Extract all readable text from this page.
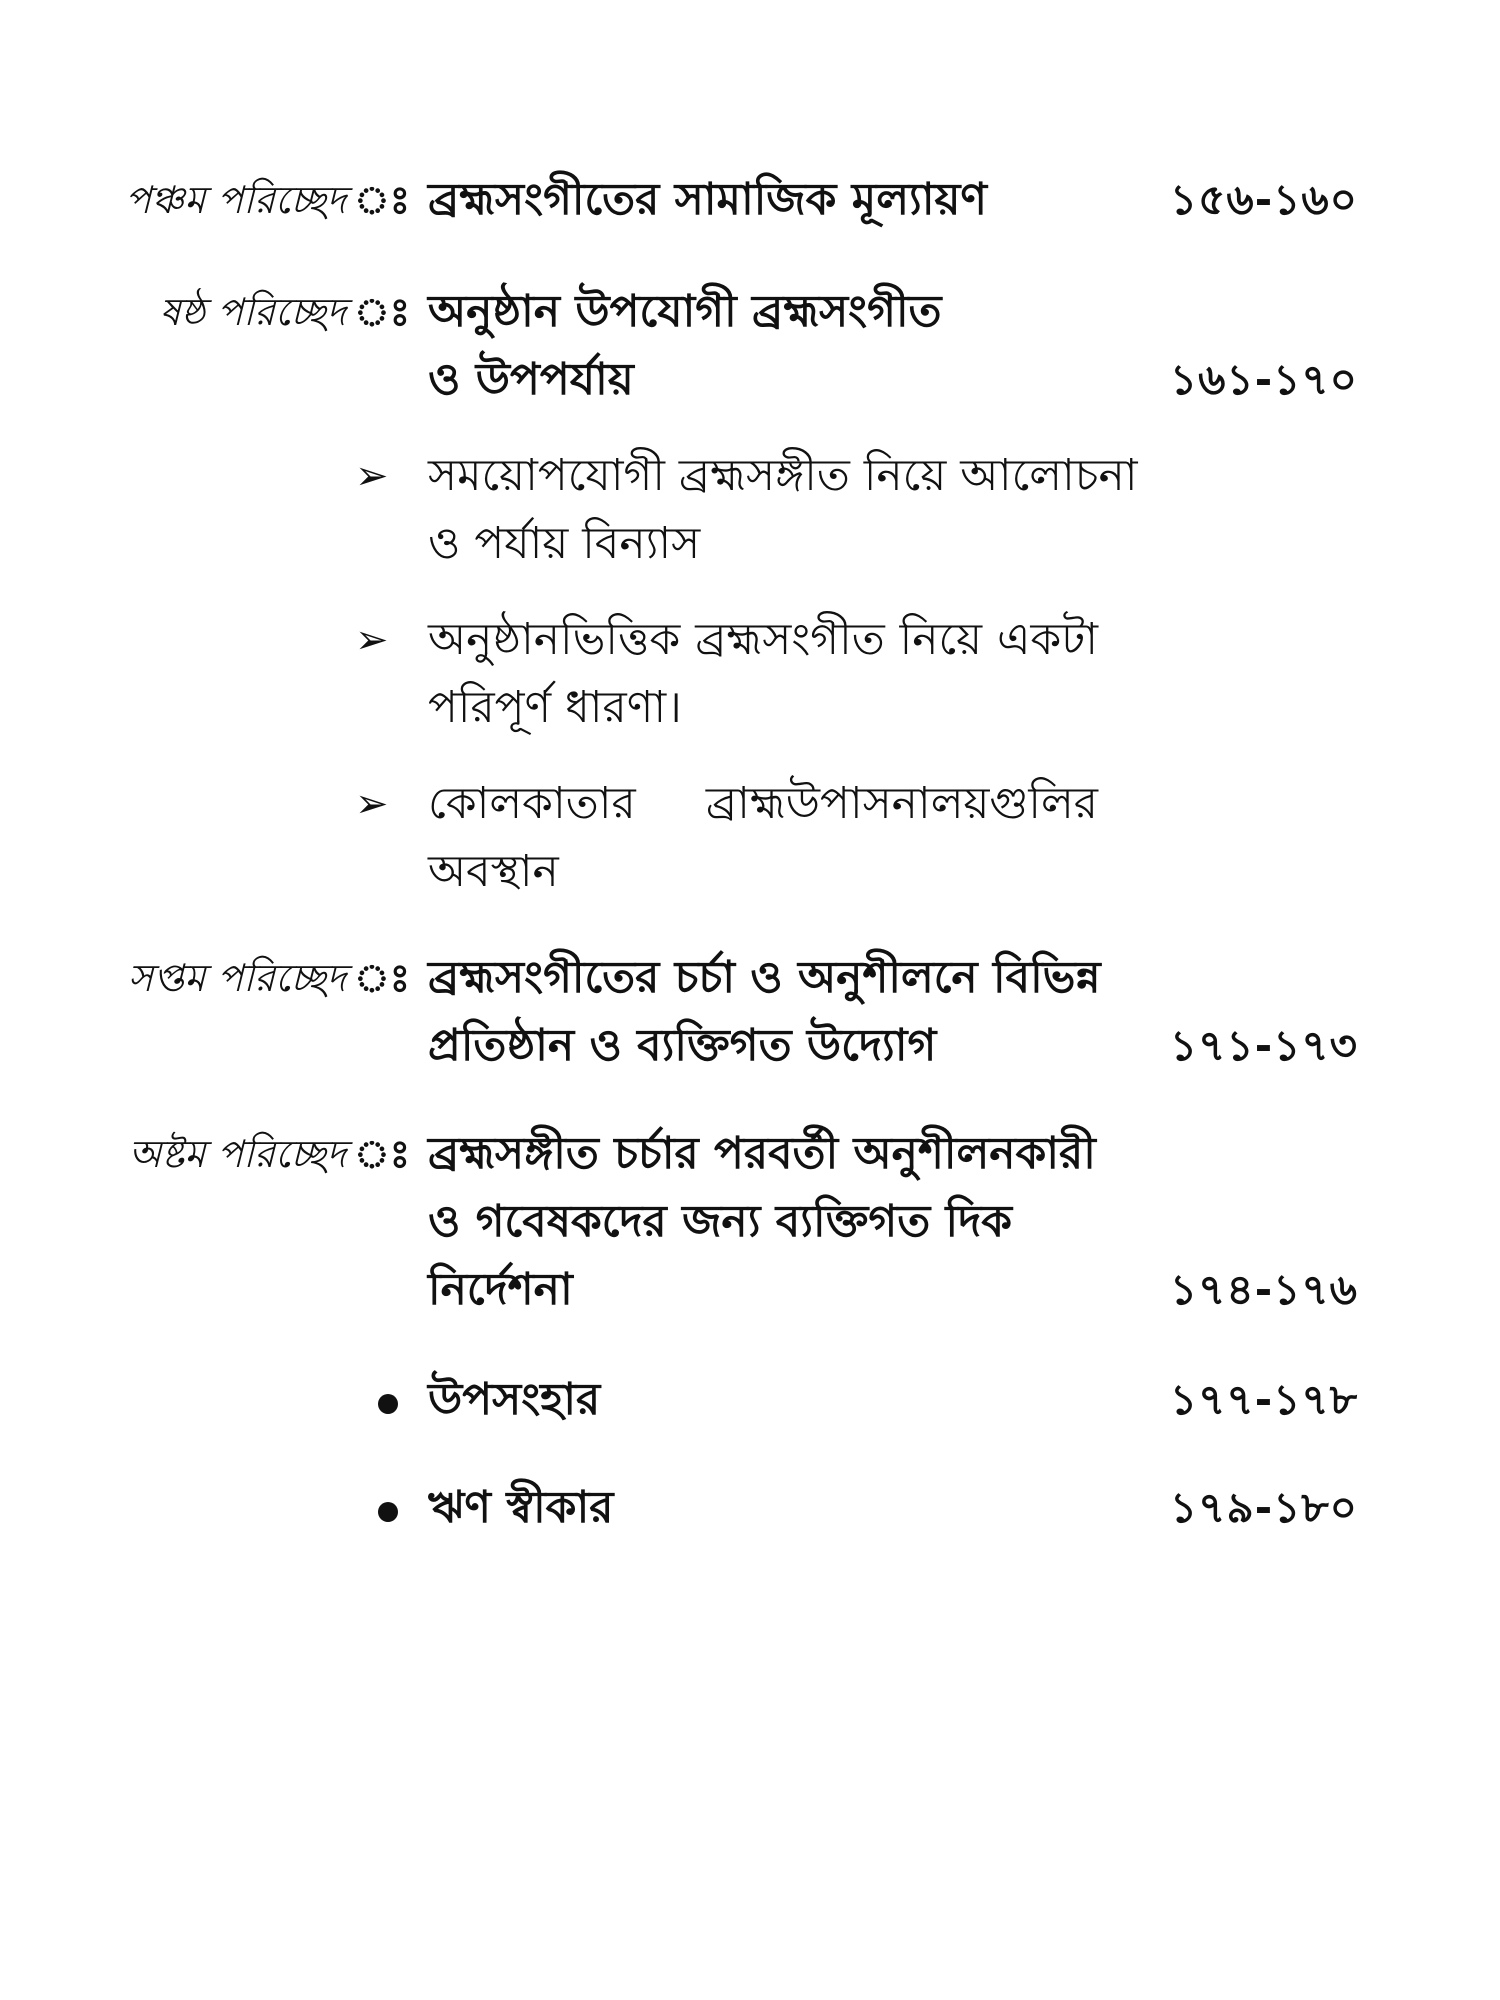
পঞ্চম পরিচ্ছেদ ঃ ব্রহ্মসংগীতের সামাজিক মূল্যায়ণ	১৫৬-১৬০
ষষ্ঠ পরিচ্ছেদ ঃ অনুষ্ঠান উপযোগী ব্রহ্মসংগীত
ও উপপর্যায়	১৬১-১৭০
➢ সময়োপযোগী ব্রহ্মসঙ্গীত নিয়ে আলোচনা
ও পর্যায় বিন্যাস
➢ অনুষ্ঠানভিত্তিক ব্রহ্মসংগীত নিয়ে একটা
পরিপূর্ণ ধারণা।
➢ কোলকাতার ব্রাহ্মউপাসনালয়গুলির
অবস্থান
সপ্তম পরিচ্ছেদ ঃ ব্রহ্মসংগীতের চর্চা ও অনুশীলনে বিভিন্ন
প্রতিষ্ঠান ও ব্যক্তিগত উদ্যোগ	১৭১-১৭৩
অষ্টম পরিচ্ছেদ ঃ ব্রহ্মসঙ্গীত চর্চার পরবর্তী অনুশীলনকারী
ও গবেষকদের জন্য ব্যক্তিগত দিক
নির্দেশনা	১৭৪-১৭৬
উপসংহার	১৭৭-১৭৮
ঋণ স্বীকার	১৭৯-১৮০
